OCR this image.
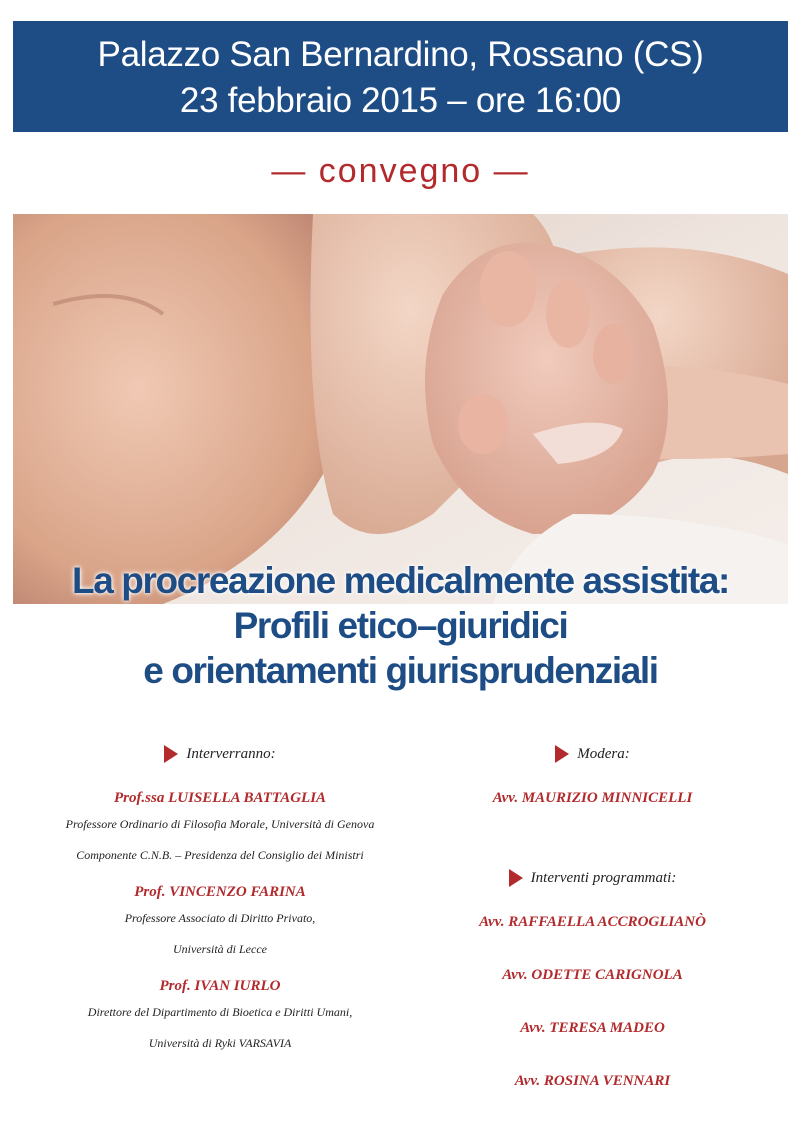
Palazzo San Bernardino, Rossano (CS)
23 febbraio 2015 – ore 16:00
— convegno —
La procreazione medicalmente assistita:
Profili etico–giuridici
e orientamenti giurisprudenziali
Interverranno:
Prof.ssa LUISELLA BATTAGLIA
Professore Ordinario di Filosofia Morale, Università di Genova
Componente C.N.B. – Presidenza del Consiglio dei Ministri
Prof. VINCENZO FARINA
Professore Associato di Diritto Privato,
Università di Lecce
Prof. IVAN IURLO
Direttore del Dipartimento di Bioetica e Diritti Umani,
Università di Ryki VARSAVIA
Modera:
Avv. MAURIZIO MINNICELLI
Interventi programmati:
Avv. RAFFAELLA ACCROGLIANÒ
Avv. ODETTE CARIGNOLA
Avv. TERESA MADEO
Avv. ROSINA VENNARI
